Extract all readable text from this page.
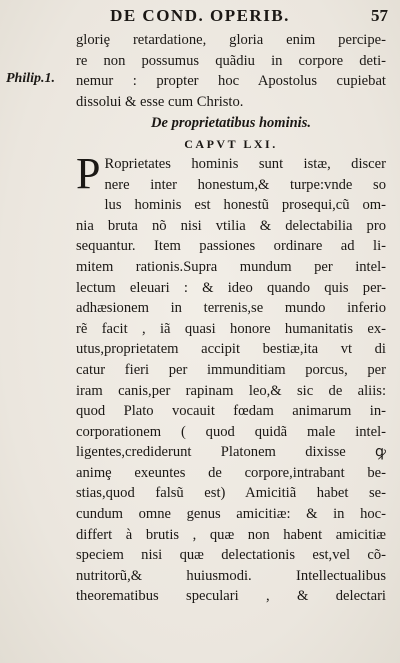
DE COND. OPERIB.	57
Philip.1.
gloriȩ retardatione, gloria enim percipe-
re non possumus quãdiu in corpore deti-
nemur : propter hoc Apostolus cupiebat
dissolui & esse cum Christo.
De proprietatibus hominis.
CAPVT LXI.
P Roprietates hominis sunt istæ, discer
nere inter honestum,& turpe:vnde so
lus hominis est honestũ prosequi,cũ om-
nia bruta nõ nisi vtilia & delectabilia pro
sequantur. Item passiones ordinare ad li-
mitem rationis.Supra mundum per intel-
lectum eleuari : & ideo quando quis per-
adhæsionem in terrenis,se mundo inferio
rẽ facit , iã quasi honore humanitatis ex-
utus,proprietatem accipit bestiæ,ita vt di
catur fieri per immunditiam porcus, per
iram canis,per rapinam leo,& sic de aliis:
quod Plato vocauit fœdam animarum in-
corporationem ( quod quidã male intel-
ligentes,crediderunt Platonem dixisse ꝙ
animȩ exeuntes de corpore,intrabant be-
stias,quod falsũ est) Amicitiã habet se-
cundum omne genus amicitiæ: & in hoc-
differt à brutis , quæ non habent amicitiæ
speciem nisi quæ delectationis est,vel cõ-
nutritorũ,& huiusmodi. Intellectualibus
theorematibus speculari , & delectari
